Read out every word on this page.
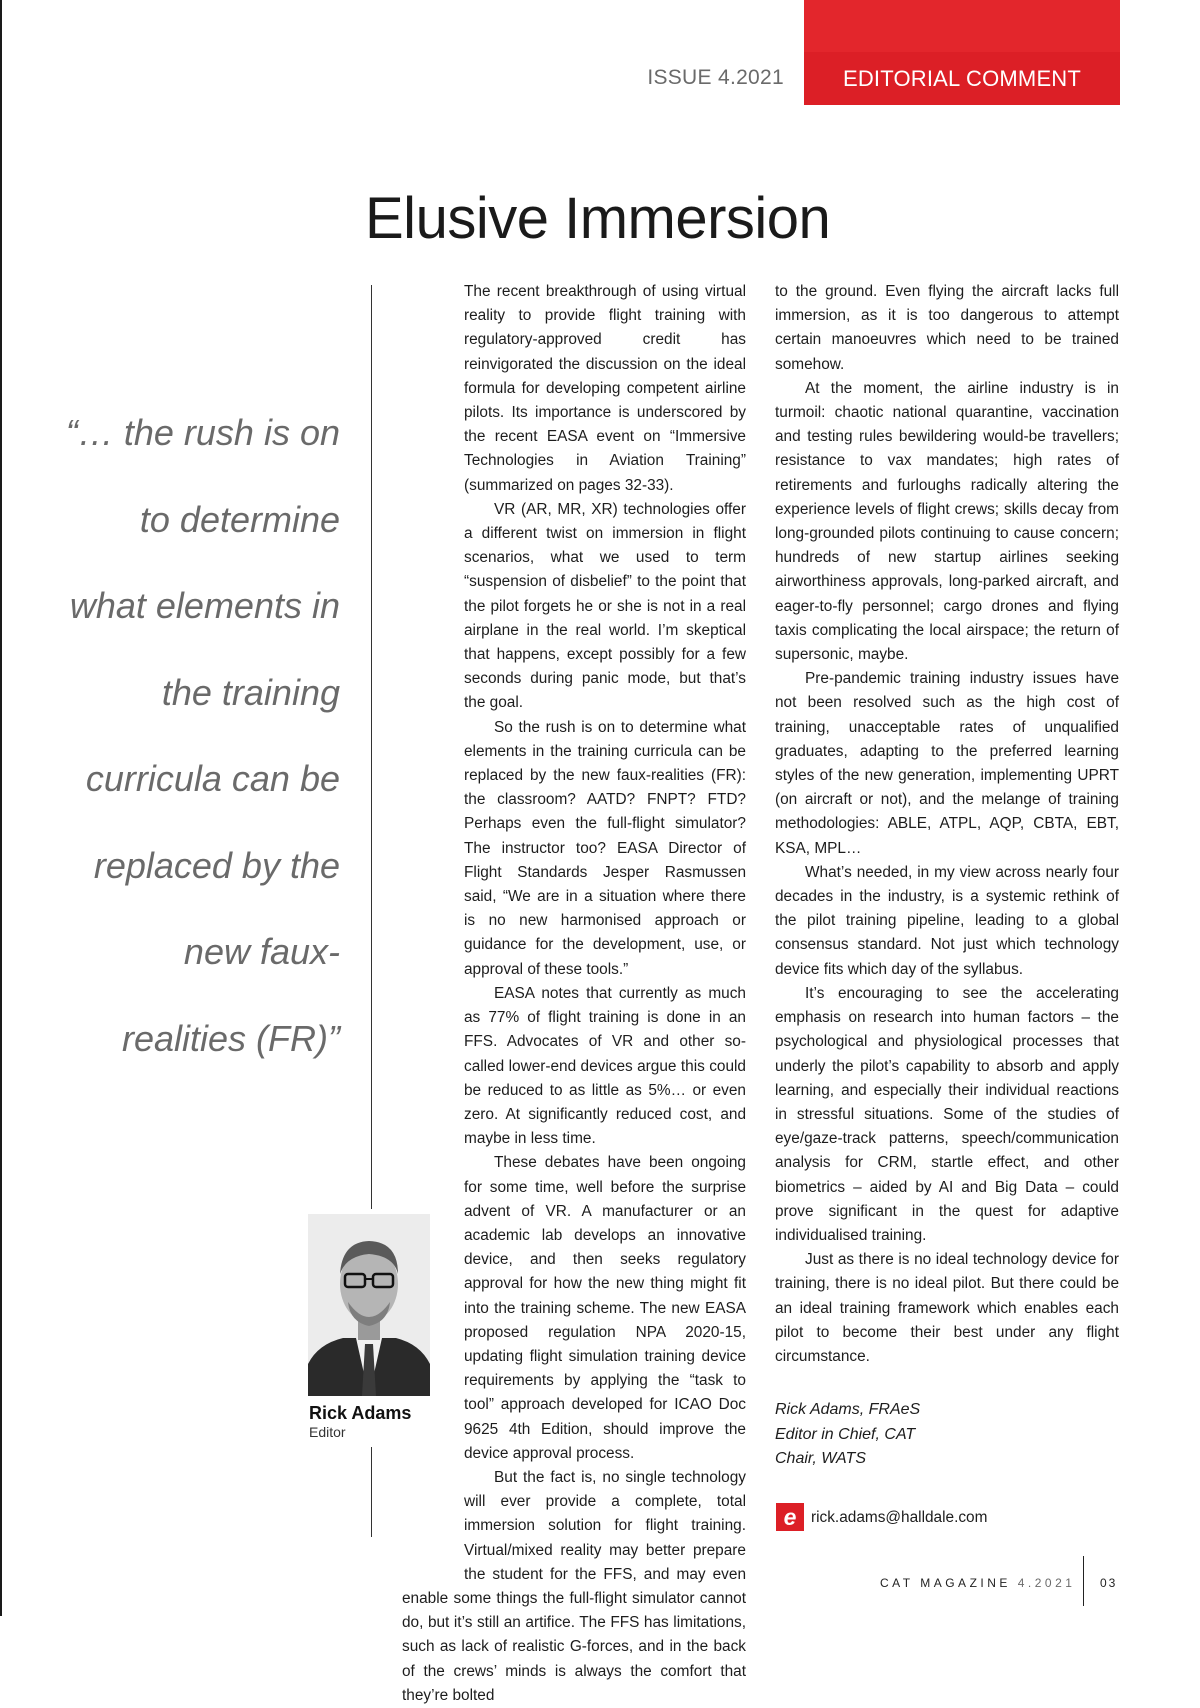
ISSUE 4.2021	EDITORIAL COMMENT
Elusive Immersion
“… the rush is on to determine what elements in the training curricula can be replaced by the new faux-realities (FR)”

The recent breakthrough of using virtual reality to provide flight training with regulatory-approved credit has reinvigorated the discussion on the ideal formula for developing competent airline pilots. Its importance is underscored by the recent EASA event on “Immersive Technologies in Aviation Training” (summarized on pages 32-33).

VR (AR, MR, XR) technologies offer a different twist on immersion in flight scenarios, what we used to term “suspension of disbelief” to the point that the pilot forgets he or she is not in a real airplane in the real world. I’m skeptical that happens, except possibly for a few seconds during panic mode, but that’s the goal.

So the rush is on to determine what elements in the training curricula can be replaced by the new faux-realities (FR): the classroom? AATD? FNPT? FTD? Perhaps even the full-flight simulator? The instructor too? EASA Director of Flight Standards Jesper Rasmussen said, “We are in a situation where there is no new harmonised approach or guidance for the development, use, or approval of these tools.”

EASA notes that currently as much as 77% of flight training is done in an FFS. Advocates of VR and other so-called lower-end devices argue this could be reduced to as little as 5%… or even zero. At significantly reduced cost, and maybe in less time.

These debates have been ongoing for some time, well before the surprise advent of VR. A manufacturer or an academic lab develops an innovative device, and then seeks regulatory approval for how the new thing might fit into the training scheme. The new EASA proposed regulation NPA 2020-15, updating flight simulation training device requirements by applying the “task to tool” approach developed for ICAO Doc 9625 4th Edition, should improve the device approval process.

But the fact is, no single technology will ever provide a complete, total immersion solution for flight training. Virtual/mixed reality may better prepare the student for the FFS, and may even enable some things the full-flight simulator cannot do, but it’s still an artifice. The FFS has limitations, such as lack of realistic G-forces, and in the back of the crews’ minds is always the comfort that they’re bolted

to the ground. Even flying the aircraft lacks full immersion, as it is too dangerous to attempt certain manoeuvres which need to be trained somehow.

At the moment, the airline industry is in turmoil: chaotic national quarantine, vaccination and testing rules bewildering would-be travellers; resistance to vax mandates; high rates of retirements and furloughs radically altering the experience levels of flight crews; skills decay from long-grounded pilots continuing to cause concern; hundreds of new startup airlines seeking airworthiness approvals, long-parked aircraft, and eager-to-fly personnel; cargo drones and flying taxis complicating the local airspace; the return of supersonic, maybe.

Pre-pandemic training industry issues have not been resolved such as the high cost of training, unacceptable rates of unqualified graduates, adapting to the preferred learning styles of the new generation, implementing UPRT (on aircraft or not), and the melange of training methodologies: ABLE, ATPL, AQP, CBTA, EBT, KSA, MPL…

What’s needed, in my view across nearly four decades in the industry, is a systemic rethink of the pilot training pipeline, leading to a global consensus standard. Not just which technology device fits which day of the syllabus.

It’s encouraging to see the accelerating emphasis on research into human factors – the psychological and physiological processes that underly the pilot’s capability to absorb and apply learning, and especially their individual reactions in stressful situations. Some of the studies of eye/gaze-track patterns, speech/communication analysis for CRM, startle effect, and other biometrics – aided by AI and Big Data – could prove significant in the quest for adaptive individualised training.

Just as there is no ideal technology device for training, there is no ideal pilot. But there could be an ideal training framework which enables each pilot to become their best under any flight circumstance.

Rick Adams
Editor
Rick Adams, FRAeS
Editor in Chief, CAT
Chair, WATS
e rick.adams@halldale.com
CAT MAGAZINE 4.2021 03
